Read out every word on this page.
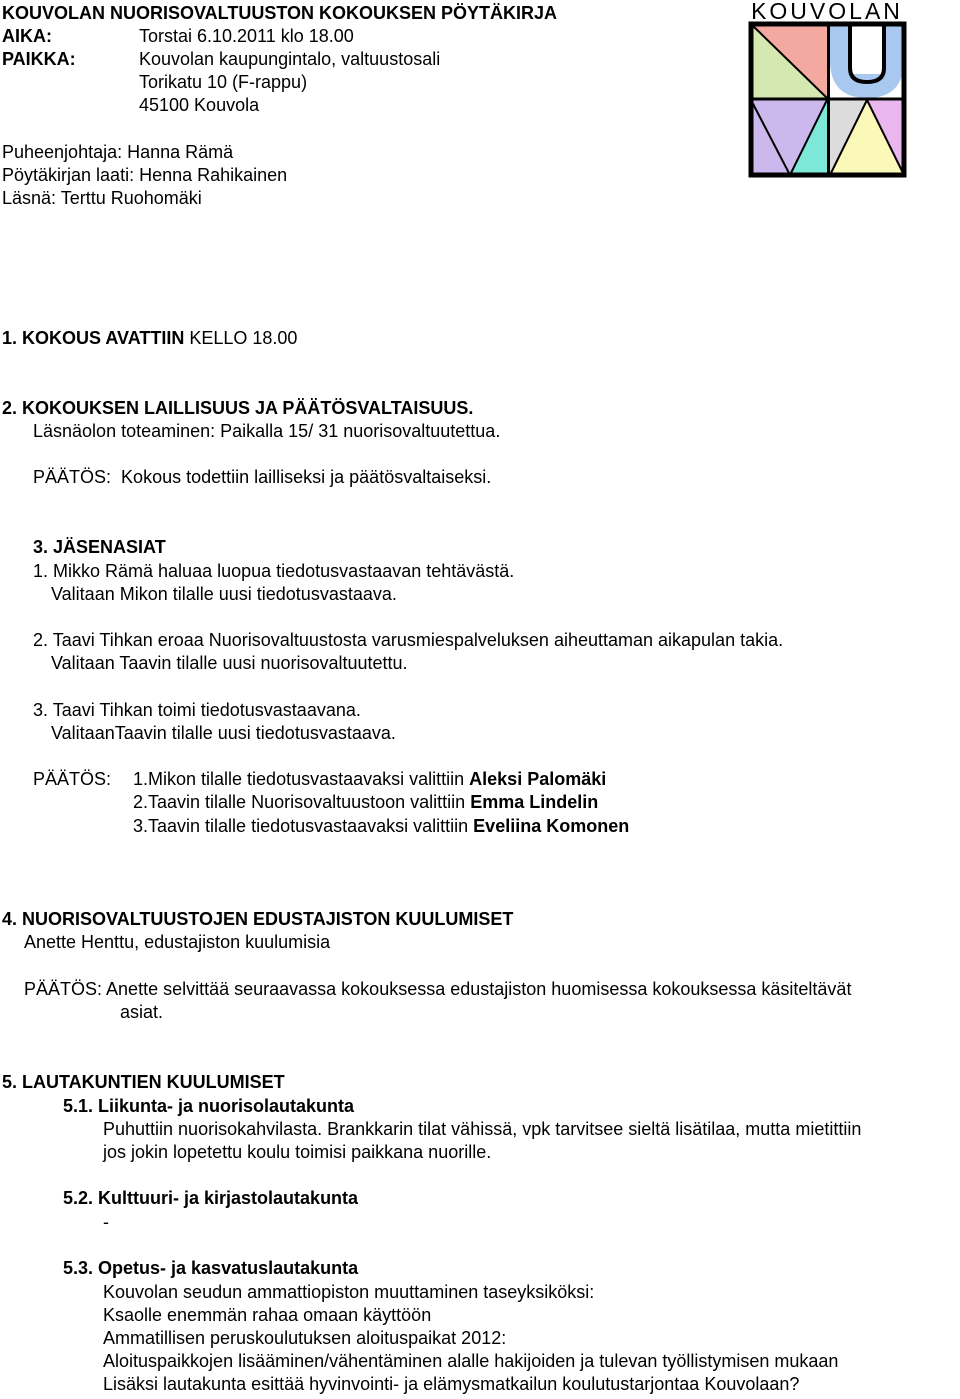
KOUVOLAN NUORISOVALTUUSTON KOKOUKSEN PÖYTÄKIRJA
AIKA:	Torstai 6.10.2011 klo 18.00
PAIKKA:	Kouvolan kaupungintalo, valtuustosali
Torikatu 10 (F-rappu)
45100 Kouvola
Puheenjohtaja: Hanna Rämä
Pöytäkirjan laati: Henna Rahikainen
Läsnä: Terttu Ruohomäki
KOUVOLAN
1. KOKOUS AVATTIIN KELLO 18.00
2. KOKOUKSEN LAILLISUUS JA PÄÄTÖSVALTAISUUS.
Läsnäolon toteaminen: Paikalla 15/ 31 nuorisovaltuutettua.
PÄÄTÖS: Kokous todettiin lailliseksi ja päätösvaltaiseksi.
3. JÄSENASIAT
1. Mikko Rämä haluaa luopua tiedotusvastaavan tehtävästä.
Valitaan Mikon tilalle uusi tiedotusvastaava.
2. Taavi Tihkan eroaa Nuorisovaltuustosta varusmiespalveluksen aiheuttaman aikapulan takia.
Valitaan Taavin tilalle uusi nuorisovaltuutettu.
3. Taavi Tihkan toimi tiedotusvastaavana.
ValitaanTaavin tilalle uusi tiedotusvastaava.
PÄÄTÖS: 1.Mikon tilalle tiedotusvastaavaksi valittiin Aleksi Palomäki
2.Taavin tilalle Nuorisovaltuustoon valittiin Emma Lindelin
3.Taavin tilalle tiedotusvastaavaksi valittiin Eveliina Komonen
4. NUORISOVALTUUSTOJEN EDUSTAJISTON KUULUMISET
Anette Henttu, edustajiston kuulumisia
PÄÄTÖS: Anette selvittää seuraavassa kokouksessa edustajiston huomisessa kokouksessa käsiteltävät
asiat.
5. LAUTAKUNTIEN KUULUMISET
5.1. Liikunta- ja nuorisolautakunta
Puhuttiin nuorisokahvilasta. Brankkarin tilat vähissä, vpk tarvitsee sieltä lisätilaa, mutta mietittiin
jos jokin lopetettu koulu toimisi paikkana nuorille.
5.2. Kulttuuri- ja kirjastolautakunta
-
5.3. Opetus- ja kasvatuslautakunta
Kouvolan seudun ammattiopiston muuttaminen taseyksiköksi:
Ksaolle enemmän rahaa omaan käyttöön
Ammatillisen peruskoulutuksen aloituspaikat 2012:
Aloituspaikkojen lisääminen/vähentäminen alalle hakijoiden ja tulevan työllistymisen mukaan
Lisäksi lautakunta esittää hyvinvointi- ja elämysmatkailun koulutustarjontaa Kouvolaan?
